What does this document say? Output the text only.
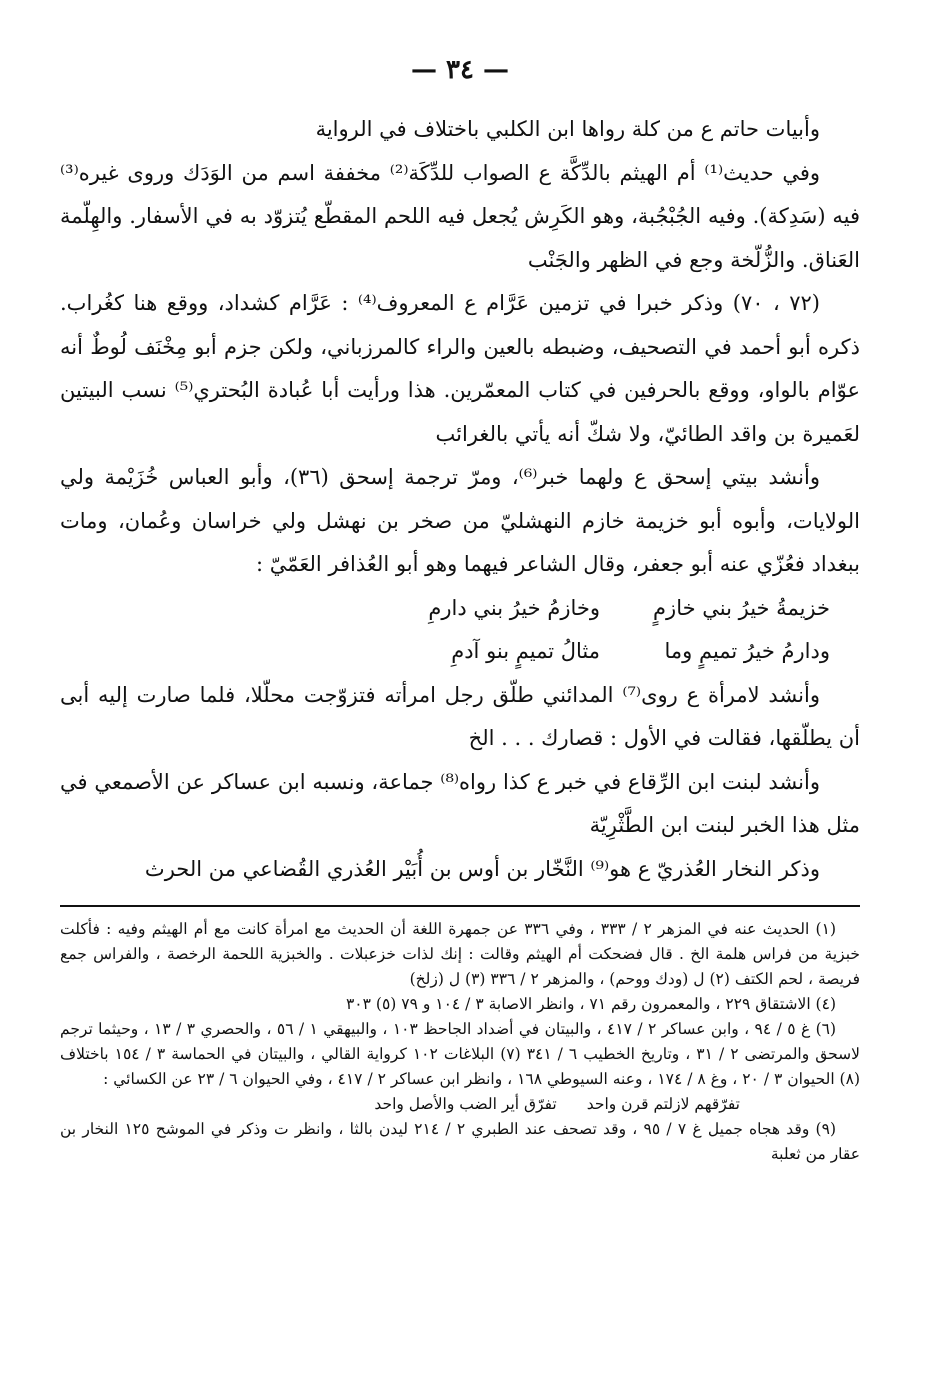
— ٣٤ —

وأبيات حاتم ع من كلة رواها ابن الكلبي باختلاف في الرواية

وفي حديث⁽¹⁾ أم الهيثم بالدِّكَّة ع الصواب للدِّكَة⁽²⁾ مخففة اسم من الوَدَك وروى غيره⁽³⁾ فيه (سَدِكة). وفيه الجُبْجُبة، وهو الكَرِش يُجعل فيه اللحم المقطّع يُتزوّد به في الأسفار. والهِلّمة العَناق. والزُّلّخة وجع في الظهر والجَنْب

(٧٢ ، ٧٠) وذكر خبرا في تزمين عَرَّام ع المعروف⁽⁴⁾ : عَرَّام كشداد، ووقع هنا كغُراب. ذكره أبو أحمد في التصحيف، وضبطه بالعين والراء كالمرزباني، ولكن جزم أبو مِخْنَف لُوطٌ أنه عوّام بالواو، ووقع بالحرفين في كتاب المعمّرين. هذا ورأيت أبا عُبادة البُحتري⁽⁵⁾ نسب البيتين لعَميرة بن واقد الطائيّ، ولا شكّ أنه يأتي بالغرائب

وأنشد بيتي إسحق ع ولهما خبر⁽⁶⁾، ومرّ ترجمة إسحق (٣٦)، وأبو العباس خُزَيْمة ولي الولايات، وأبوه أبو خزيمة خازم النهشليّ من صخر بن نهشل ولي خراسان وعُمان، ومات ببغداد فعُزّي عنه أبو جعفر، وقال الشاعر فيهما وهو أبو العُذافر العَمّيّ :

خزيمةُ خيرُ بني خازمٍ
وخازمُ خيرُ بني دارمِ
ودارمُ خيرُ تميمٍ وما
مثالُ تميمٍ بنو آدمِ

وأنشد لامرأة ع روى⁽⁷⁾ المدائني طلّق رجل امرأته فتزوّجت محلّلا، فلما صارت إليه أبى أن يطلّقها، فقالت في الأول : قصارك . . . الخ

وأنشد لبنت ابن الرِّقاع في خبر ع كذا رواه⁽⁸⁾ جماعة، ونسبه ابن عساكر عن الأصمعي في مثل هذا الخبر لبنت ابن الطَّثْرِيّة

وذكر النخار العُذريّ ع هو⁽⁹⁾ النَّخّار بن أوس بن أُبَيْر العُذري القُضاعي من الحرث

(١) الحديث عنه في المزهر ٢ / ٣٣٣ ، وفي ٣٣٦ عن جمهرة اللغة أن الحديث مع امرأة كانت مع أم الهيثم وفيه : فأكلت خبزية من فراس هلمة الخ . قال فضحكت أم الهيثم وقالت : إنك لذات خزعبلات . والخبزية اللحمة الرخصة ، والفراس جمع فريصة ، لحم الكتف (٢) ل (ودك ووحم) ، والمزهر ٢ / ٣٣٦ (٣) ل (زلخ)

(٤) الاشتقاق ٢٢٩ ، والمعمرون رقم ٧١ ، وانظر الاصابة ٣ / ١٠٤ و ٧٩ (٥) ٣٠٣

(٦) غ ٥ / ٩٤ ، وابن عساكر ٢ / ٤١٧ ، والبيتان في أضداد الجاحظ ١٠٣ ، والبيهقي ١ / ٥٦ ، والحصري ٣ / ١٣ ، وحيثما ترجم لاسحق والمرتضى ٢ / ٣١ ، وتاريخ الخطيب ٦ / ٣٤١ (٧) البلاغات ١٠٢ كرواية القالي ، والبيتان في الحماسة ٣ / ١٥٤ باختلاف (٨) الحيوان ٣ / ٢٠ ، وغ ٨ / ١٧٤ ، وعنه السيوطي ١٦٨ ، وانظر ابن عساكر ٢ / ٤١٧ ، وفي الحيوان ٦ / ٢٣ عن الكسائي :

تفرّقهم لازلتم قرن واحد
تفرّق أير الضب والأصل واحد

(٩) وقد هجاه جميل غ ٧ / ٩٥ ، وقد تصحف عند الطبري ٢ / ٢١٤ ليدن بالثا ، وانظر ت وذكر في الموشح ١٢٥ النخار بن عقار من ثعلبة
